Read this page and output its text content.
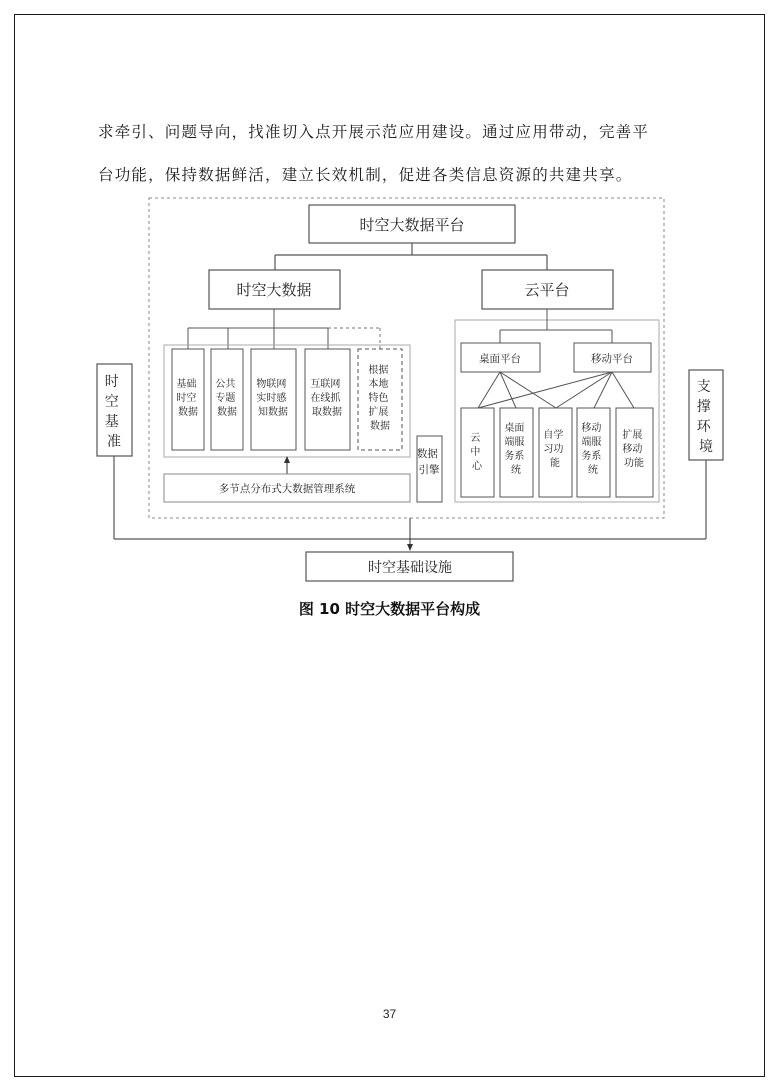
求牵引、问题导向，找准切入点开展示范应用建设。通过应用带动，完善平
台功能，保持数据鲜活，建立长效机制，促进各类信息资源的共建共享。
时空大数据平台
时空大数据	云平台
基础 时空 数据
公共 专题 数据
物联网 实时感 知数据
互联网 在线抓 取数据
根据 本地 特色 扩展 数据
多节点分布式大数据管理系统
数据 引擎
桌面平台	移动平台
云 中 心
桌面 端服 务系 统
自学 习功 能
移动 端服 务系 统
扩展 移动 功能
时 空 基 准
支 撑 环 境
时空基础设施
图 10 时空大数据平台构成
37
